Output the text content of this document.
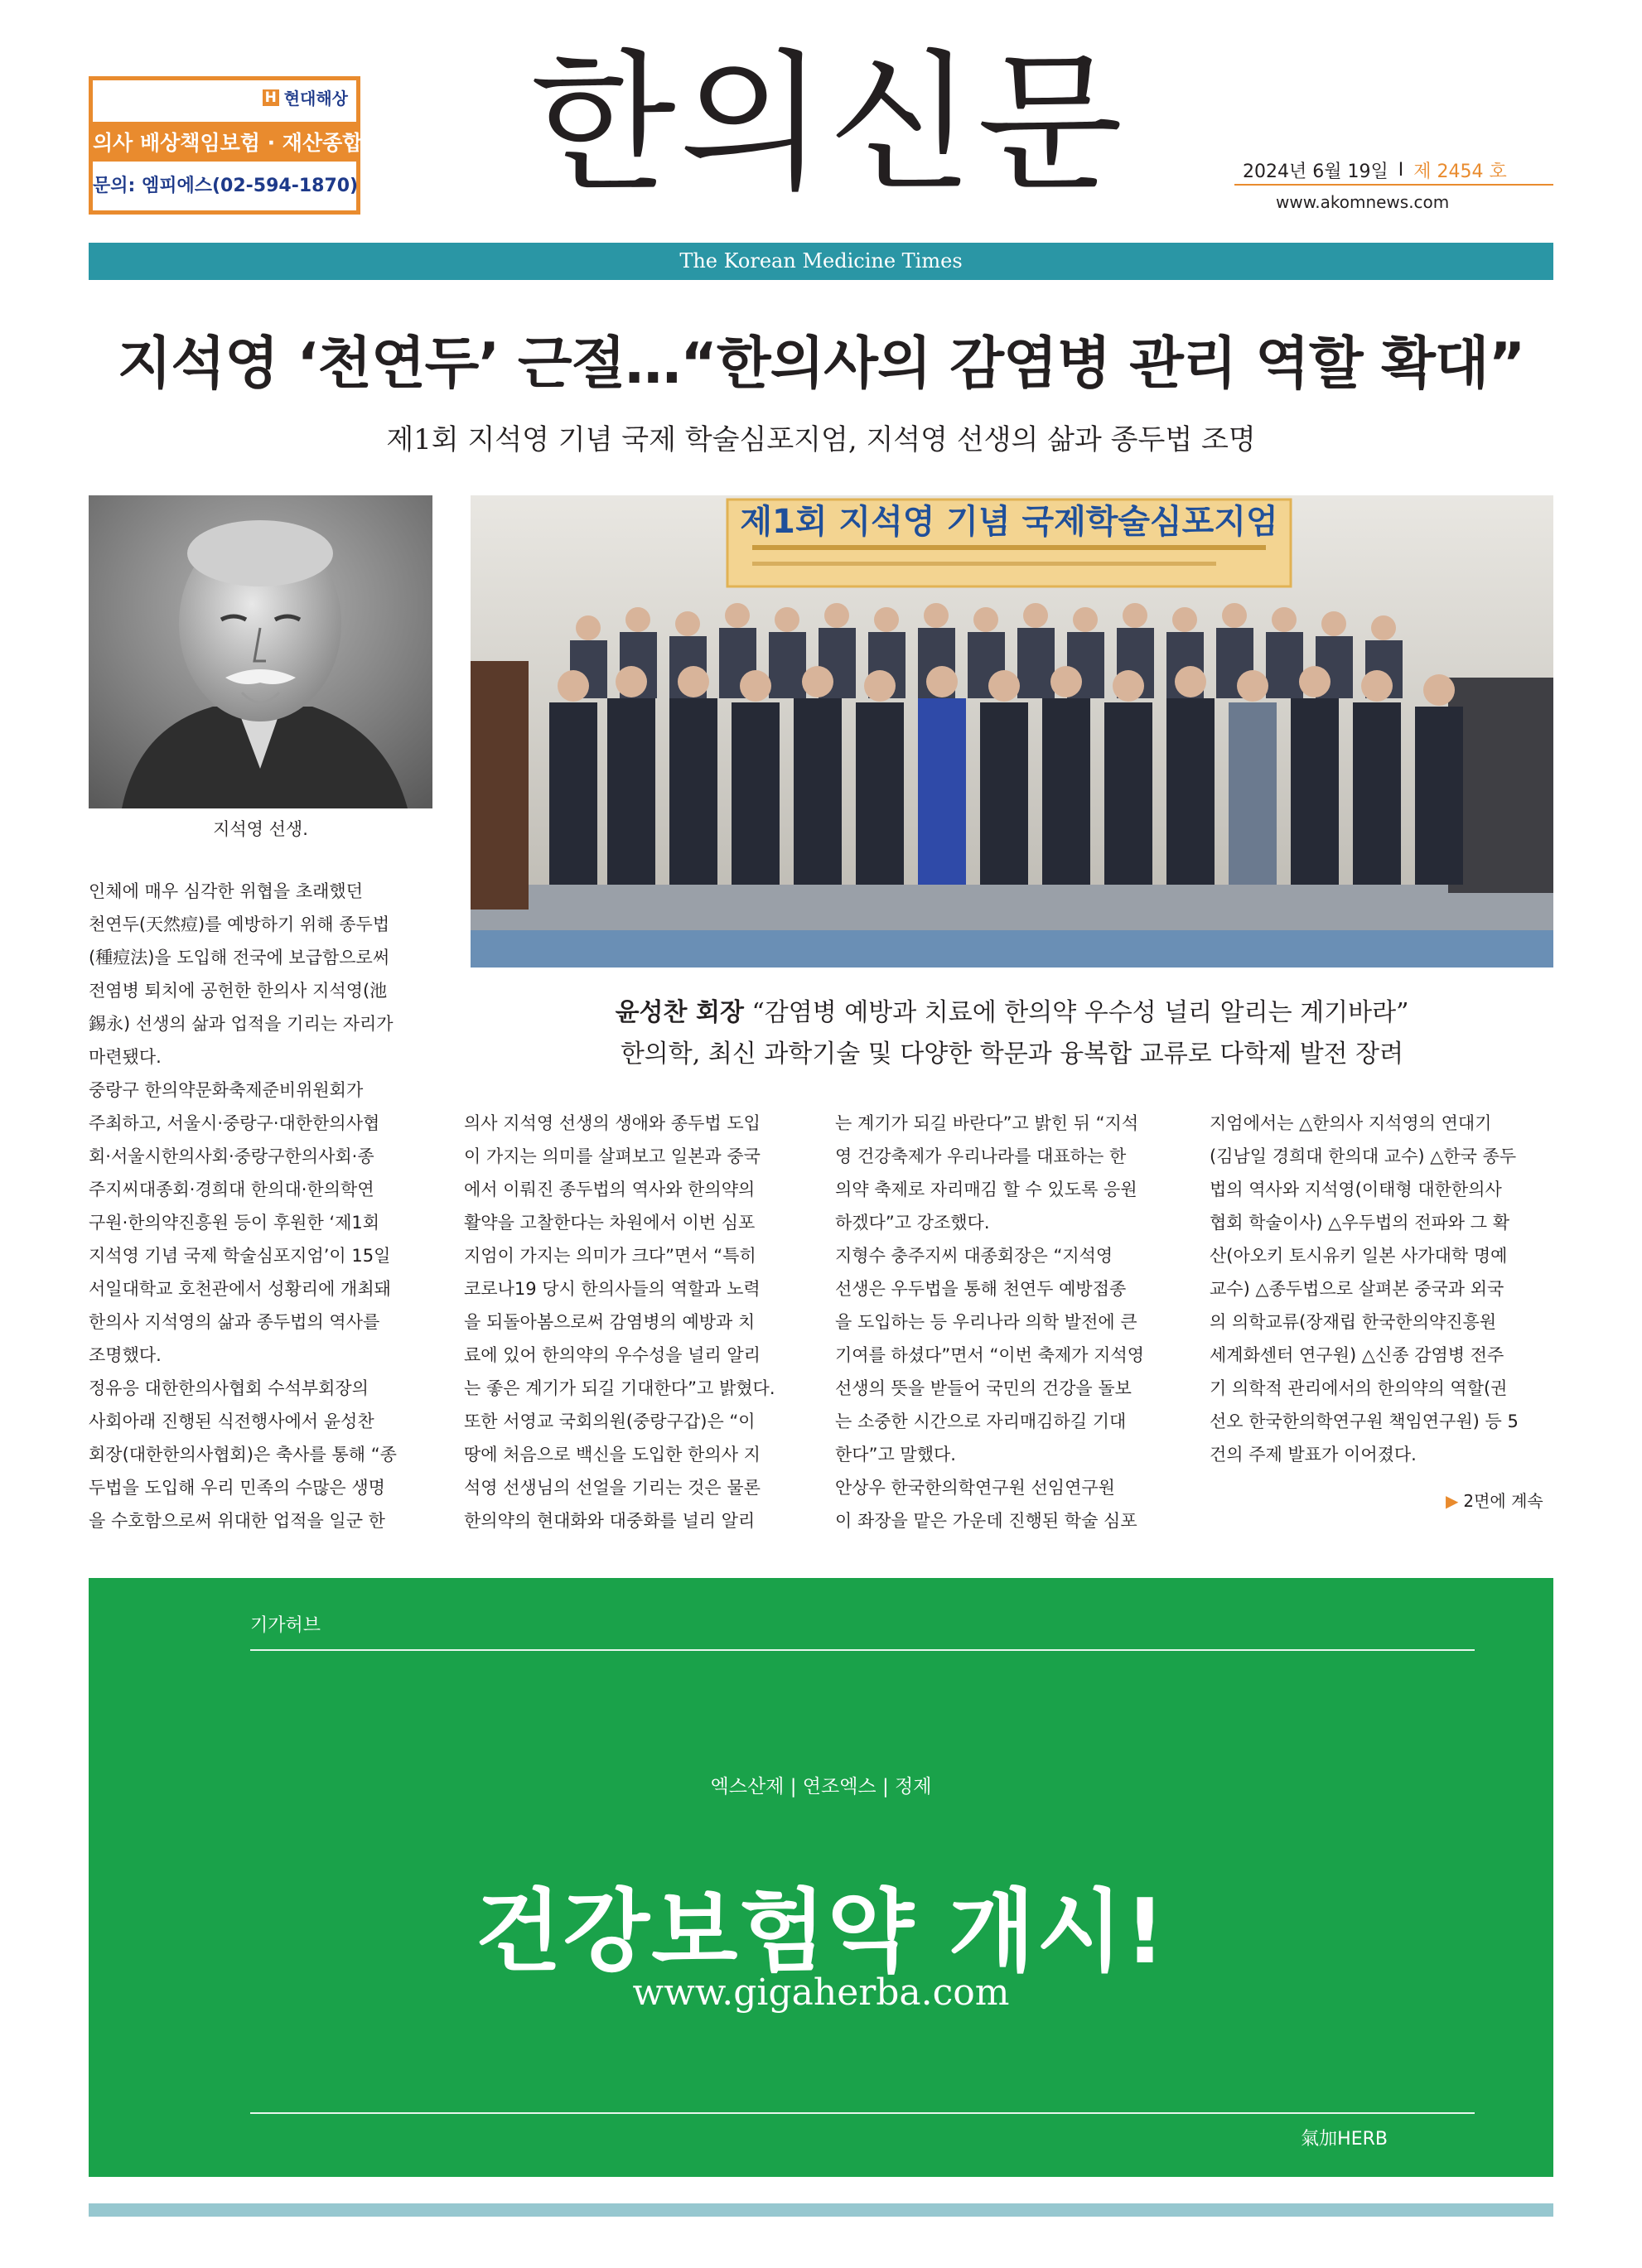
H 현대해상
의사 배상책임보험 · 재산종합보험
문의: 엠피에스(02-594-1870) 한의신문	2024년 6월 19일 I 제 2454 호
www.akomnews.com
The Korean Medicine Times
지석영 ‘천연두’ 근절…“한의사의 감염병 관리 역할 확대”
제1회 지석영 기념 국제 학술심포지엄, 지석영 선생의 삶과 종두법 조명
지석영 선생.
제1회 지석영 기념 국제학술심포지엄
윤성찬 회장 “감염병 예방과 치료에 한의약 우수성 널리 알리는 계기바라”
한의학, 최신 과학기술 및 다양한 학문과 융복합 교류로 다학제 발전 장려
인체에 매우 심각한 위협을 초래했던
천연두(天然痘)를 예방하기 위해 종두법
(種痘法)을 도입해 전국에 보급함으로써
전염병 퇴치에 공헌한 한의사 지석영(池
錫永) 선생의 삶과 업적을 기리는 자리가
마련됐다.
중랑구 한의약문화축제준비위원회가
주최하고, 서울시·중랑구·대한한의사협
회·서울시한의사회·중랑구한의사회·종
주지씨대종회·경희대 한의대·한의학연
구원·한의약진흥원 등이 후원한 ‘제1회
지석영 기념 국제 학술심포지엄’이 15일
서일대학교 호천관에서 성황리에 개최돼
한의사 지석영의 삶과 종두법의 역사를
조명했다.
정유응 대한한의사협회 수석부회장의
사회아래 진행된 식전행사에서 윤성찬
회장(대한한의사협회)은 축사를 통해 “종
두법을 도입해 우리 민족의 수많은 생명
을 수호함으로써 위대한 업적을 일군 한
의사 지석영 선생의 생애와 종두법 도입
이 가지는 의미를 살펴보고 일본과 중국
에서 이뤄진 종두법의 역사와 한의약의
활약을 고찰한다는 차원에서 이번 심포
지엄이 가지는 의미가 크다”면서 “특히
코로나19 당시 한의사들의 역할과 노력
을 되돌아봄으로써 감염병의 예방과 치
료에 있어 한의약의 우수성을 널리 알리
는 좋은 계기가 되길 기대한다”고 밝혔다.
또한 서영교 국회의원(중랑구갑)은 “이
땅에 처음으로 백신을 도입한 한의사 지
석영 선생님의 선얼을 기리는 것은 물론
한의약의 현대화와 대중화를 널리 알리
는 계기가 되길 바란다”고 밝힌 뒤 “지석
영 건강축제가 우리나라를 대표하는 한
의약 축제로 자리매김 할 수 있도록 응원
하겠다”고 강조했다.
지형수 충주지씨 대종회장은 “지석영
선생은 우두법을 통해 천연두 예방접종
을 도입하는 등 우리나라 의학 발전에 큰
기여를 하셨다”면서 “이번 축제가 지석영
선생의 뜻을 받들어 국민의 건강을 돌보
는 소중한 시간으로 자리매김하길 기대
한다”고 말했다.
안상우 한국한의학연구원 선임연구원
이 좌장을 맡은 가운데 진행된 학술 심포
지엄에서는 △한의사 지석영의 연대기
(김남일 경희대 한의대 교수) △한국 종두
법의 역사와 지석영(이태형 대한한의사
협회 학술이사) △우두법의 전파와 그 확
산(아오키 토시유키 일본 사가대학 명예
교수) △종두법으로 살펴본 중국과 외국
의 의학교류(장재립 한국한의약진흥원
세계화센터 연구원) △신종 감염병 전주
기 의학적 관리에서의 한의약의 역할(권
선오 한국한의학연구원 책임연구원) 등 5
건의 주제 발표가 이어졌다.
▶ 2면에 계속
기가허브
엑스산제 | 연조엑스 | 정제
건강보험약 개시!
www.gigaherba.com
氣加HERB
